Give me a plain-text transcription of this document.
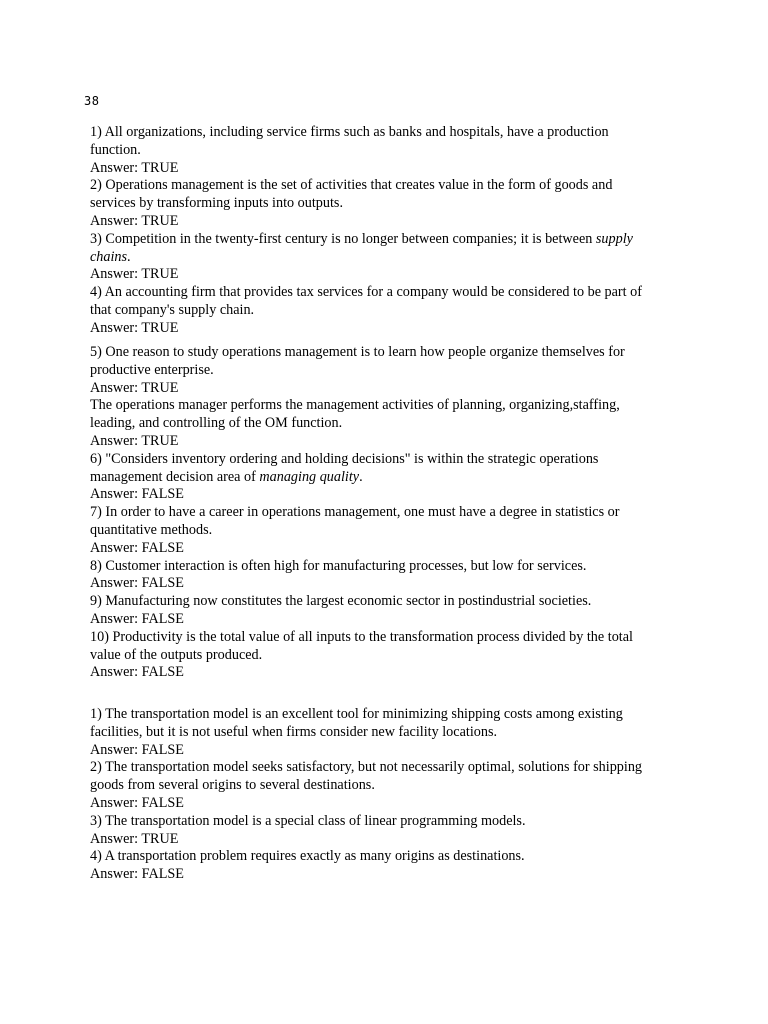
38
1) All organizations, including service firms such as banks and hospitals, have a production
function.
Answer: TRUE
2) Operations management is the set of activities that creates value in the form of goods and
services by transforming inputs into outputs.
Answer: TRUE
3) Competition in the twenty-first century is no longer between companies; it is between supply
chains.
Answer: TRUE
4) An accounting firm that provides tax services for a company would be considered to be part of
that company's supply chain.
Answer: TRUE
5) One reason to study operations management is to learn how people organize themselves for
productive enterprise.
Answer: TRUE
The operations manager performs the management activities of planning, organizing,staffing,
leading, and controlling of the OM function.
Answer: TRUE
6) "Considers inventory ordering and holding decisions" is within the strategic operations
management decision area of managing quality.
Answer: FALSE
7) In order to have a career in operations management, one must have a degree in statistics or
quantitative methods.
Answer: FALSE
8) Customer interaction is often high for manufacturing processes, but low for services.
Answer: FALSE
9) Manufacturing now constitutes the largest economic sector in postindustrial societies.
Answer: FALSE
10) Productivity is the total value of all inputs to the transformation process divided by the total
value of the outputs produced.
Answer: FALSE
1) The transportation model is an excellent tool for minimizing shipping costs among existing
facilities, but it is not useful when firms consider new facility locations.
Answer: FALSE
2) The transportation model seeks satisfactory, but not necessarily optimal, solutions for shipping
goods from several origins to several destinations.
Answer: FALSE
3) The transportation model is a special class of linear programming models.
Answer: TRUE
4) A transportation problem requires exactly as many origins as destinations.
Answer: FALSE
